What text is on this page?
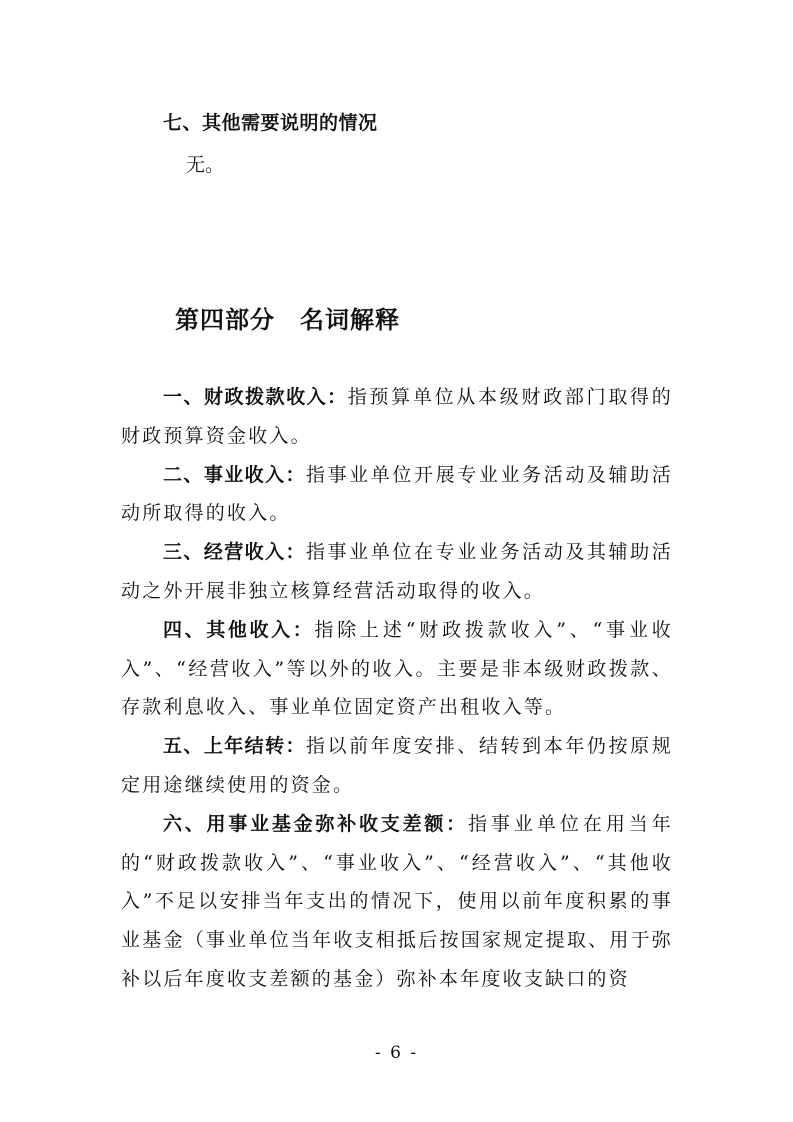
七、其他需要说明的情况

无。

第四部分　名词解释

一、财政拨款收入：指预算单位从本级财政部门取得的财政预算资金收入。

二、事业收入：指事业单位开展专业业务活动及辅助活动所取得的收入。

三、经营收入：指事业单位在专业业务活动及其辅助活动之外开展非独立核算经营活动取得的收入。

四、其他收入：指除上述“财政拨款收入”、“事业收入”、“经营收入”等以外的收入。主要是非本级财政拨款、存款利息收入、事业单位固定资产出租收入等。

五、上年结转：指以前年度安排、结转到本年仍按原规定用途继续使用的资金。

六、用事业基金弥补收支差额：指事业单位在用当年的“财政拨款收入”、“事业收入”、“经营收入”、“其他收入”不足以安排当年支出的情况下，使用以前年度积累的事业基金（事业单位当年收支相抵后按国家规定提取、用于弥补以后年度收支差额的基金）弥补本年度收支缺口的资

- 6 -
